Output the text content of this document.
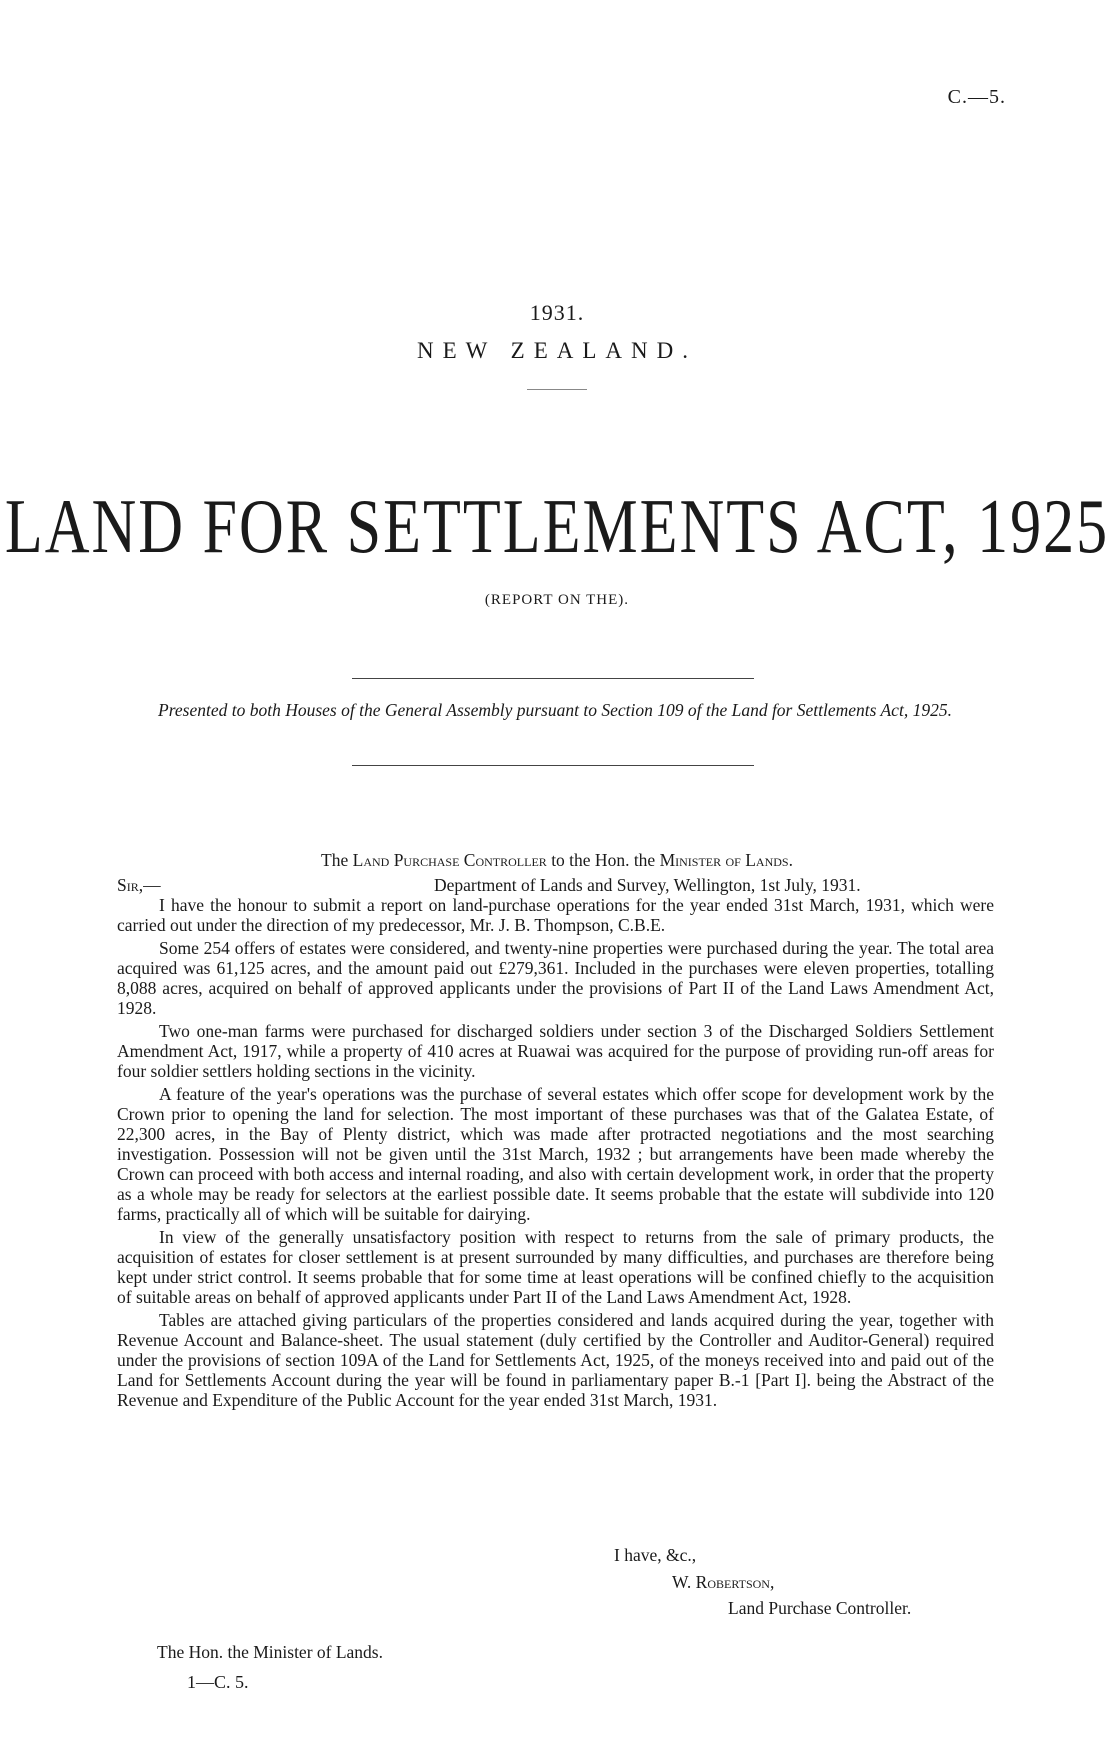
C.—5.
1931.
NEW ZEALAND.
LAND FOR SETTLEMENTS ACT, 1925
(REPORT ON THE).
Presented to both Houses of the General Assembly pursuant to Section 109 of the Land for Settlements Act, 1925.
The Land Purchase Controller to the Hon. the Minister of Lands.
Sir,—	Department of Lands and Survey, Wellington, 1st July, 1931.

I have the honour to submit a report on land-purchase operations for the year ended 31st March, 1931, which were carried out under the direction of my predecessor, Mr. J. B. Thompson, C.B.E.

Some 254 offers of estates were considered, and twenty-nine properties were purchased during the year. The total area acquired was 61,125 acres, and the amount paid out £279,361. Included in the purchases were eleven properties, totalling 8,088 acres, acquired on behalf of approved applicants under the provisions of Part II of the Land Laws Amendment Act, 1928.

Two one-man farms were purchased for discharged soldiers under section 3 of the Discharged Soldiers Settlement Amendment Act, 1917, while a property of 410 acres at Ruawai was acquired for the purpose of providing run-off areas for four soldier settlers holding sections in the vicinity.

A feature of the year's operations was the purchase of several estates which offer scope for development work by the Crown prior to opening the land for selection. The most important of these purchases was that of the Galatea Estate, of 22,300 acres, in the Bay of Plenty district, which was made after protracted negotiations and the most searching investigation. Possession will not be given until the 31st March, 1932 ; but arrangements have been made whereby the Crown can proceed with both access and internal roading, and also with certain development work, in order that the property as a whole may be ready for selectors at the earliest possible date. It seems probable that the estate will subdivide into 120 farms, practically all of which will be suitable for dairying.

In view of the generally unsatisfactory position with respect to returns from the sale of primary products, the acquisition of estates for closer settlement is at present surrounded by many difficulties, and purchases are therefore being kept under strict control. It seems probable that for some time at least operations will be confined chiefly to the acquisition of suitable areas on behalf of approved applicants under Part II of the Land Laws Amendment Act, 1928.

Tables are attached giving particulars of the properties considered and lands acquired during the year, together with Revenue Account and Balance-sheet. The usual statement (duly certified by the Controller and Auditor-General) required under the provisions of section 109A of the Land for Settlements Act, 1925, of the moneys received into and paid out of the Land for Settlements Account during the year will be found in parliamentary paper B.-1 [Part I]. being the Abstract of the Revenue and Expenditure of the Public Account for the year ended 31st March, 1931.

I have, &c.,
W. Robertson,
Land Purchase Controller.
The Hon. the Minister of Lands.
1—C. 5.
